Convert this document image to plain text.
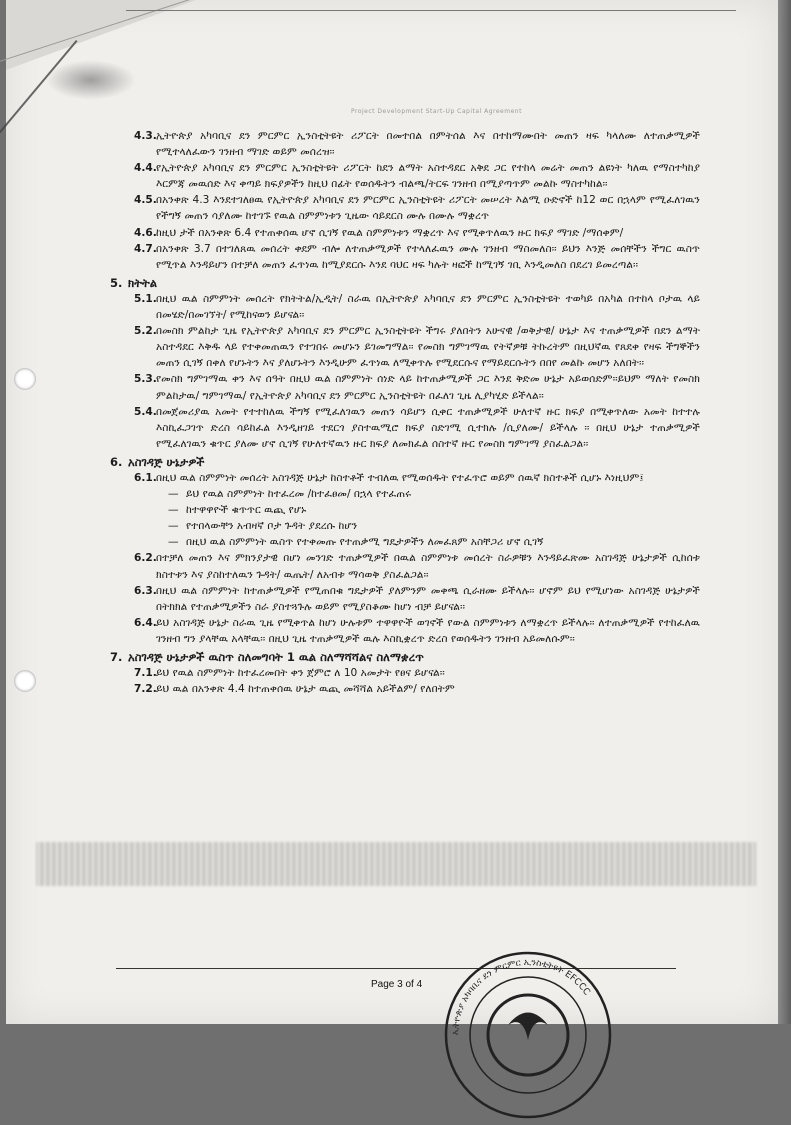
Project Development Start-Up Capital Agreement
4.3. ኢትዮጵያ አካባቢና ደን ምርምር ኢንስቲትዩት ሪፖርት በመተበል በምትሰል እና በተከማሙበት መጠን ዛፍ ካላለሙ ለተጠቃሚዎች የሚተላለፈውን ገንዘብ ማገድ ወይም መሰረዝ፡፡
4.4. የኢትዮጵያ አካባቢና ደን ምርምር ኢንስቲትዩት ሪፖርት ከደን ልማት አስተዳደር አቅደ ጋር የተከላ መሬት መጠን ልዩነት ካለዉ የማስተካከያ እርምጃ መዉሰድ እና ቀጣይ ክፍያዎችን ከዚህ በፊት የወሰዱትን ብልጫ/ትርፍ ገንዘብ በሚያጣጥም መልኩ ማስተካከል፡፡
4.5. በአንቀጽ 4.3 እንደተገለፀዉ የኢትዮጵያ አካባቢና ደን ምርምር ኢንስቲትዩት ሪፖርት መሠረት እልሚ ዑድኖች ከ12 ወር በኋላም የሚፈለገዉን የችግኝ መጠን ሳያለሙ ከተገኙ የዉል ስምምነቱን ጊዜው ሳይደርስ ሙሉ በሙሉ ማቋረጥ
4.6. ከዚህ ታች በአንቀጽ 6.4 የተጠቀሰዉ ሆኖ ሲገኝ የዉል ስምምነቱን ማቋረጥ እና የሚቀጥለዉን ዙር ክፍያ ማገድ /ማሰቀም/
4.7. በአንቀጽ 3.7 በተገለጸዉ መሰረት ቀደም ብሎ ለተጠቃሚዎች የተላለፈዉን ሙሉ ገንዘብ ማስመለስ፡፡ ይህን እንጅ መሰቸችን ችግር ዉስጥ የሚጥል እንዳይሆን በተቻለ መጠን ፈጥነዉ ከሚያደርሱ እንደ ባህር ዛፍ ካሉት ዛፎች ከሚገኝ ገቢ እንዲመለስ በደረገ ይመረጣል፡፡
5. ክትትል
5.1. በዚህ ዉል ስምምነት መሰረት የክትትል/ኢዲት/ ስራዉ በኢትዮጵያ አካባቢና ደን ምርምር ኢንስቲትዩት ተወካይ በአካል በተከላ ቦታዉ ላይ በመሄድ/በመገኘት/ የሚከናወን ይሆናል፡፡
5.2. በመስክ ምልከታ ጊዜ የኢትዮጵያ አካባቢና ደን ምርምር ኢንስቲትዩት ችግሩ ያለበትን አሁናዊ /ወቅታዊ/ ሁኔታ እና ተጠቃሚዎች በደን ልማት አስተዳደር እቅዱ ላይ የተቀመጠዉን የተገበሩ መሆኑን ይገመግማል፡፡ የመስክ ግምገማዉ የትኛዎቹ ትኩረትም በዚህኛዉ የጸደቀ የዛፍ ችግኞችን መጠን ሲገኝ በቀለ የሆኑትን እና ያለሆኑትን እንዲሁም ፈጥነዉ ለሚቀጥሉ የሚደርሱና የማይደርሱትን በበየ መልኩ መሆን አለበት፡፡
5.3. የመስክ ግምገማዉ ቀን እና ሰዓት በዚህ ዉል ስምምነት ሰነድ ላይ ከተጠቃሚዎች ጋር እንደ ቅድመ ሁኔታ አይወሰድም፡፡ይህም ማለት የመስክ ምልከታዉ/ ግምገማዉ/ የኢትዮጵያ አካባቢና ደን ምርምር ኢንስቲትዩት በፈለገ ጊዜ ሊያካሂድ ይችላል፡፡
5.4. በመጀመሪያዉ አመት የተተከለዉ ችግኝ የሚፈለገዉን መጠን ሳይሆን ሲቀር ተጠቃሚዎች ሁለተኛ ዙር ክፍያ በሚቀጥለው አመት ከተተሉ እስኪፈጋገጥ ድረስ ሳይከፈል እንዲዘገይ ተደርጎ ያስተዉሚሮ ክፍያ ስድገሚ ሲተክሉ /ሲያለሙ/ ይችላሉ ፡፡ በዚህ ሁኔታ ተጠቃሚዎች የሚፈለገዉን ቁጥር ያለሙ ሆኖ ሲገኝ የሁለተኛዉን ዙር ክፍያ ለመክፈል ሰስተኛ ዙር የመስክ ግምገማ ያስፈልጋል፡፡
6. አስገዳጅ ሁኔታዎች
6.1. በዚህ ዉል ስምምነት መሰረት አስገዳጅ ሁኔታ ከስተቶች ተብለዉ የሚወሰዱት የተፈጥሮ ወይም ሰዉኛ ክስተቶች ሲሆኑ እነዚህም፤
— ይህ የዉል ስምምነት ከተፈረመ /ከተፈፀመ/ በኋላ የተፈጠሩ
— ከተዋዋዮች ቁጥጥር ዉጪ የሆኑ
— የተበላውቸን አብዛኛ ቦታ ጉዳት ያደረሱ ከሆን
— በዚህ ዉል ስምምነት ዉስጥ የተቀመጡ የተጠቃሚ ግዴታዎችን ለመፈጸም አስቸጋሪ ሆኖ ሲገኝ
6.2. በተቻለ መጠን እና ምክንያታዊ በሆነ መንገድ ተጠቃሚዎች በዉል ስምምነቱ መሰረት ስራዎቹን እንዳይፈጽሙ አስገዳጅ ሁኔታዎች ሲከሰቱ ክስተቱን እና ያስከተለዉን ጉዳት/ ዉጤት/ ለአብቱ ማሳወቅ ያስፈልጋል፡፡
6.3. በዚህ ዉል ስምምነት ከተጠቃሚዎች የሚጠበቁ ግዴታዎች ያለምንም መቀጫ ሲራዘሙ ይችላሉ፡፡ ሆኖም ይህ የሚሆነው አስገዳጅ ሁኔታዎች በትክክል የተጠቃሚዎችን ስራ ያስተጓጉሉ ወይም የሚያስቆሙ ከሆነ ብቻ ይሆናል፡፡
6.4. ይህ አስገዳጅ ሁኔታ ስራዉ ጊዜ የሚቀጥል ከሆነ ሁሉቱም ተዋዋዮች ወገኖች የውል ስምምነቱን ለማቋረጥ ይችላሉ፡፡ ለተጠቃሚዎች የተከፈለዉ ገንዘብ ግን ያላቸዉ አላቸዉ፡፡ በዚህ ጊዜ ተጠቃሚዎች ዉሉ እስኪቋረጥ ድረስ የወሰዱትን ገንዘብ አይመለሱም፡፡
7. አስገዳጅ ሁኔታዎች ዉስጥ ስለመግባት 1 ዉል ስለማሻሻልና ስለማቋረጥ
7.1. ይህ የዉል ስምምነት ከተፈረመበት ቀን ጀምሮ ለ 10 አመታት የፀና ይሆናል፡፡
7.2. ይህ ዉል በአንቀጽ 4.4 ከተጠቀሰዉ ሁኔታ ዉጪ መሻሻል አይችልም/ የለበትም
Page 3 of 4
ኢትዮጵያ አካባቢና ደን ምርምር ኢንስቲትዩት EFCCC
